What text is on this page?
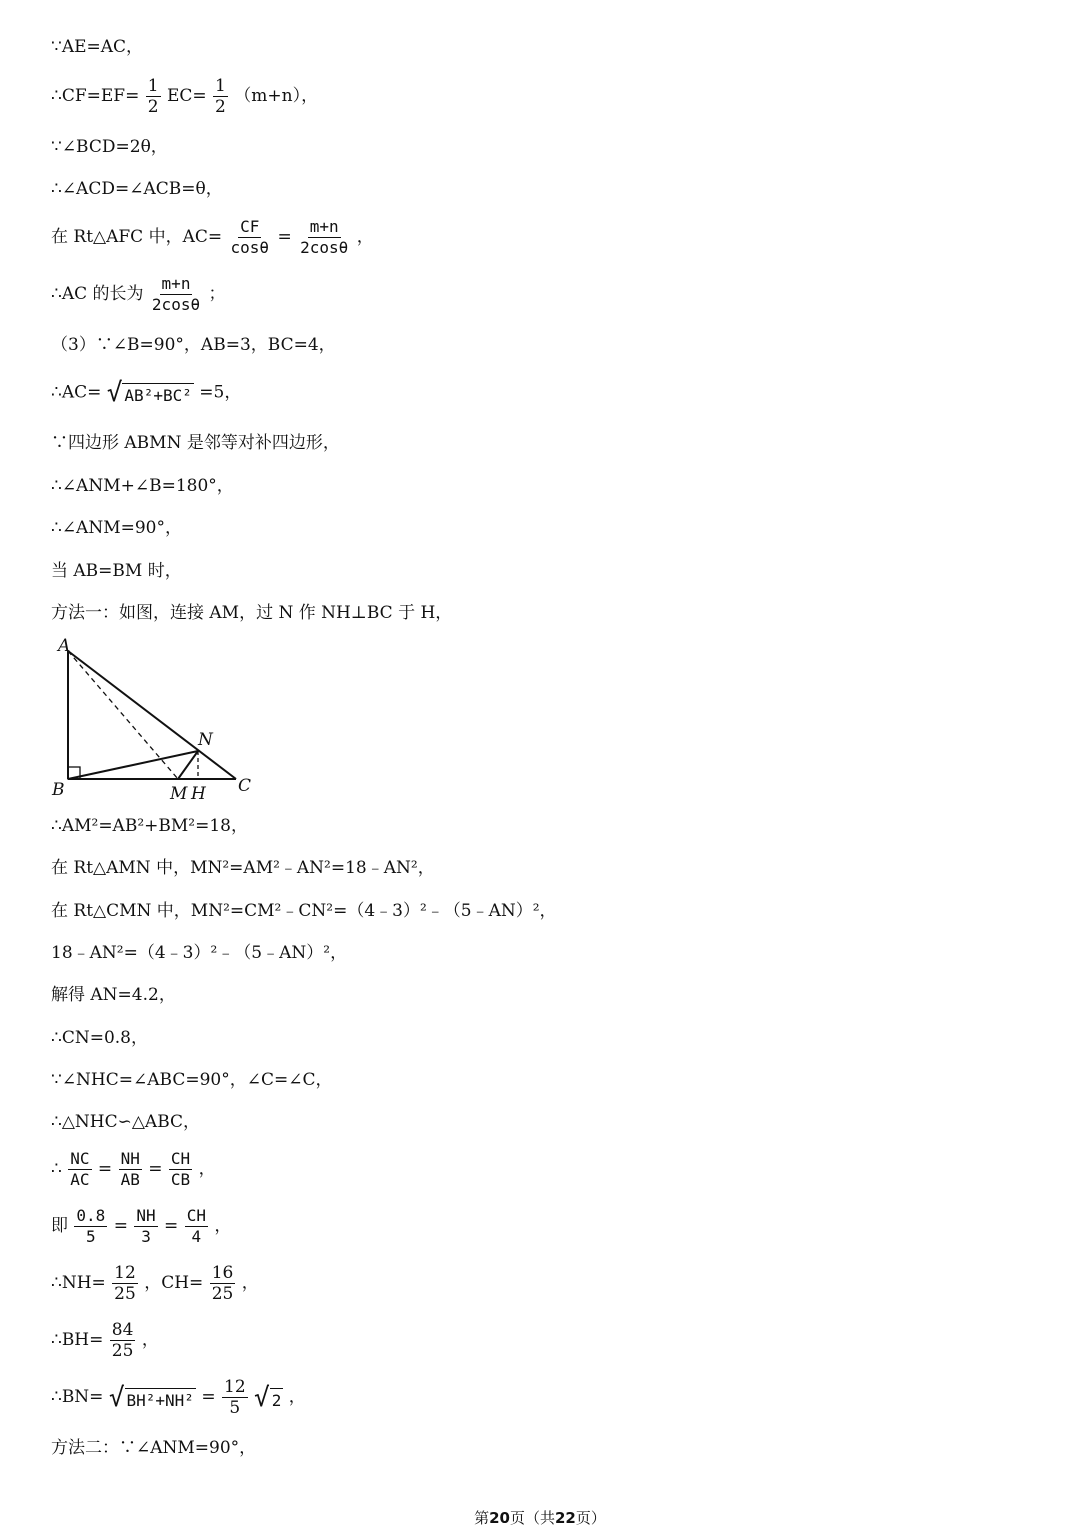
∵AE=AC，
∴CF=EF= $\frac{1}{2} EC= \frac{1}{2} (m+n)$，
∵∠BCD=2θ，
∴∠ACD=∠ACB=θ，
在 Rt△AFC 中，$AC= \frac{CF}{\cos\theta} = \frac{m+n}{2\cos\theta}$ ，
∴AC 的长为 $\frac{m+n}{2\cos\theta}$ ；
（3）∵∠B=90°，AB=3，BC=4，
∴AC= √ AB²+BC² =5，
∵四边形 ABMN 是邻等对补四边形，
∴∠ANM+∠B=180°，
∴∠ANM=90°，
当 AB=BM 时，
方法一：如图，连接 AM，过 N 作 NH⊥BC 于 H，
A
B	C
N
M H
∴AM²=AB²+BM²=18，
在 Rt△AMN 中，MN²=AM²﹣AN²=18﹣AN²，
在 Rt△CMN 中，MN²=CM²﹣CN²=（4﹣3）²﹣（5﹣AN）²，
18﹣AN²=（4﹣3）²﹣（5﹣AN）²，
解得 AN=4.2，
∴CN=0.8，
∵∠NHC=∠ABC=90°，∠C=∠C，
∴△NHC∽△ABC，
∴ $\frac{NC}{AC} = \frac{NH}{AB} = \frac{CH}{CB}$ ，
即 $\frac{0.8}{5} = \frac{NH}{3} = \frac{CH}{4}$ ，
∴NH= $\frac{12}{25}$ ，$CH= \frac{16}{25}$ ，
∴BH= $\frac{84}{25}$ ，
∴BN= √ $BH^2+NH^2 = \frac{12}{5}$
√ 2 ，
方法二：∵∠ANM=90°，
第20页（共22页）
